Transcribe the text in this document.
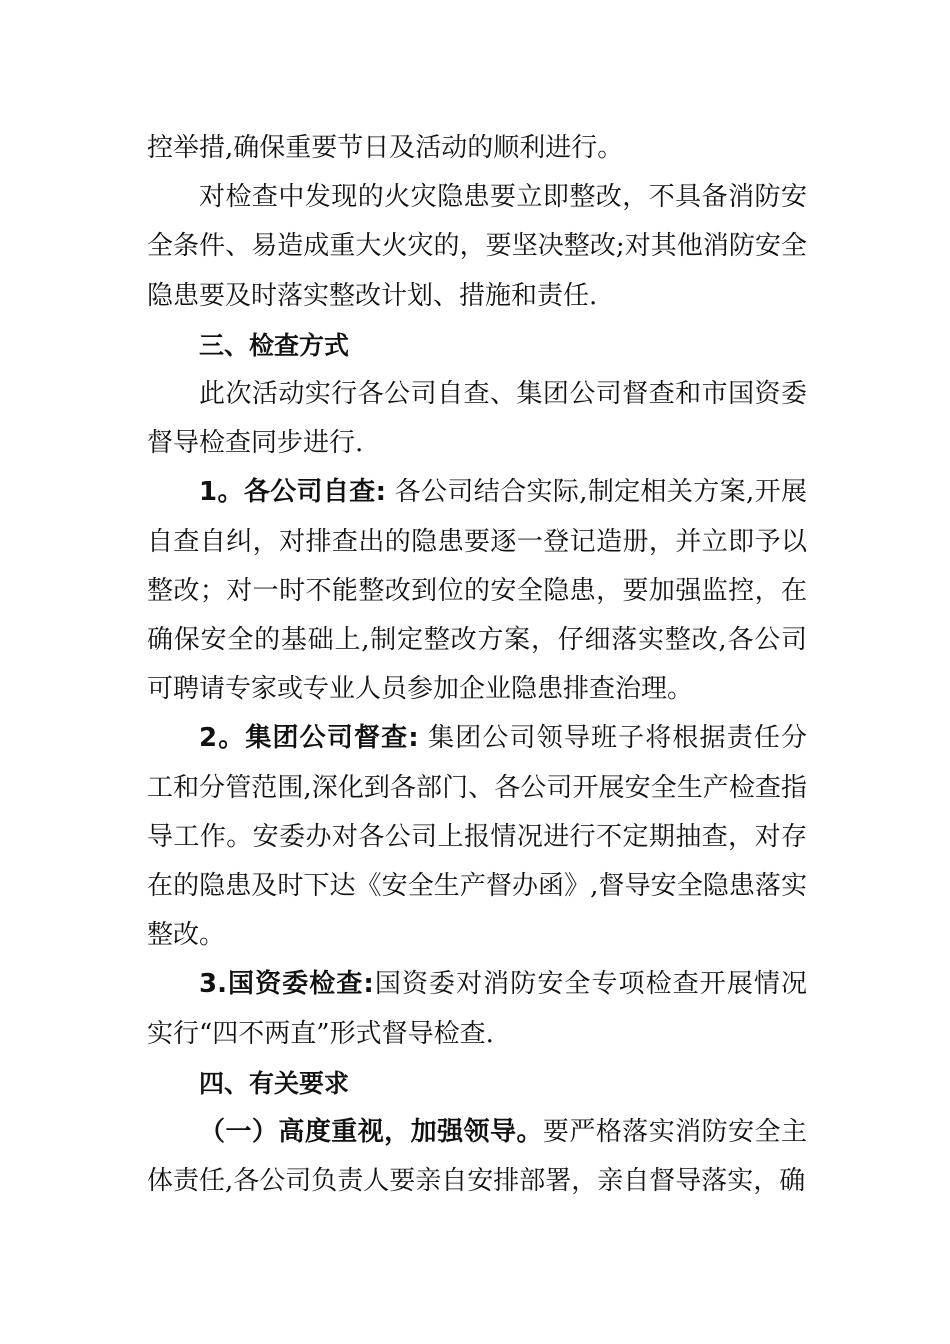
控举措,确保重要节日及活动的顺利进行。

对检查中发现的火灾隐患要立即整改，不具备消防安全条件、易造成重大火灾的，要坚决整改;对其他消防安全隐患要及时落实整改计划、措施和责任.

三、检查方式

此次活动实行各公司自查、集团公司督查和市国资委督导检查同步进行.

1。各公司自查: 各公司结合实际,制定相关方案,开展自查自纠，对排查出的隐患要逐一登记造册，并立即予以整改；对一时不能整改到位的安全隐患，要加强监控，在确保安全的基础上,制定整改方案，仔细落实整改,各公司可聘请专家或专业人员参加企业隐患排查治理。

2。集团公司督查: 集团公司领导班子将根据责任分工和分管范围,深化到各部门、各公司开展安全生产检查指导工作。安委办对各公司上报情况进行不定期抽查，对存在的隐患及时下达《安全生产督办函》,督导安全隐患落实整改。

3.国资委检查:国资委对消防安全专项检查开展情况实行“四不两直”形式督导检查.

四、有关要求

（一）高度重视，加强领导。要严格落实消防安全主体责任,各公司负责人要亲自安排部署，亲自督导落实，确
